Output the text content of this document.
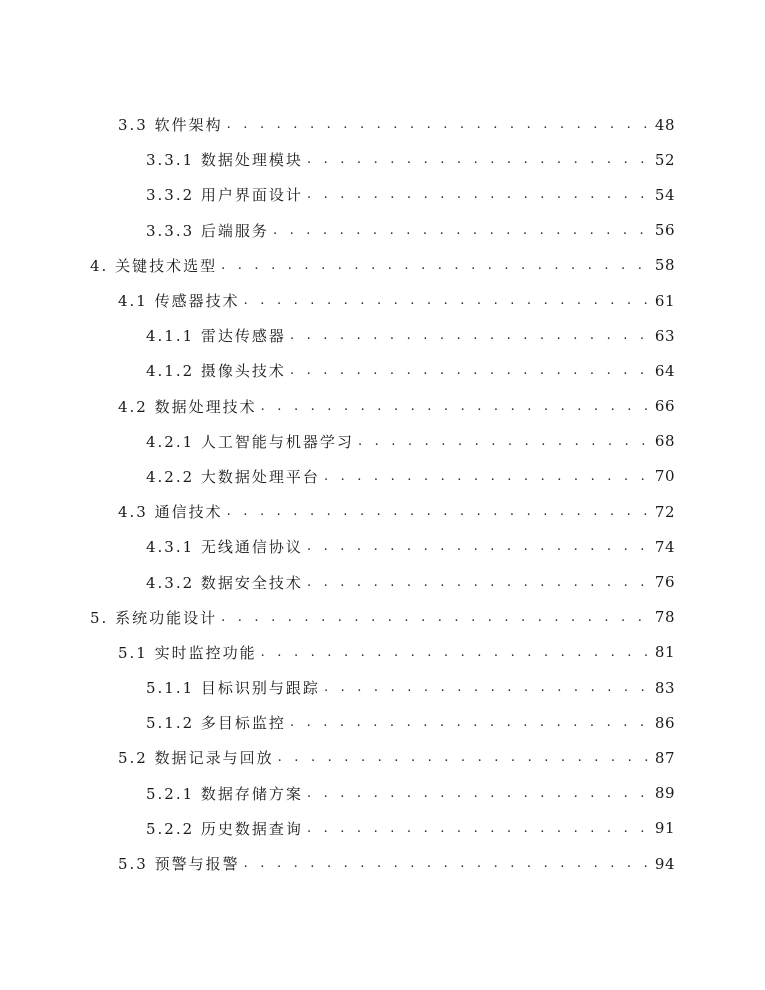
3.3 软件架构 . . .	48
3.3.1 数据处理模块 . . .	52
3.3.2 用户界面设计 . . .	54
3.3.3 后端服务 . . .	56
4. 关键技术选型 . . .	58
4.1 传感器技术 . . .	61
4.1.1 雷达传感器 . . .	63
4.1.2 摄像头技术 . . .	64
4.2 数据处理技术 . . .	66
4.2.1 人工智能与机器学习 . . .	68
4.2.2 大数据处理平台 . . .	70
4.3 通信技术 . . .	72
4.3.1 无线通信协议 . . .	74
4.3.2 数据安全技术 . . .	76
5. 系统功能设计 . . .	78
5.1 实时监控功能 . . .	81
5.1.1 目标识别与跟踪 . . .	83
5.1.2 多目标监控 . . .	86
5.2 数据记录与回放 . . .	87
5.2.1 数据存储方案 . . .	89
5.2.2 历史数据查询 . . .	91
5.3 预警与报警 . . .	94
